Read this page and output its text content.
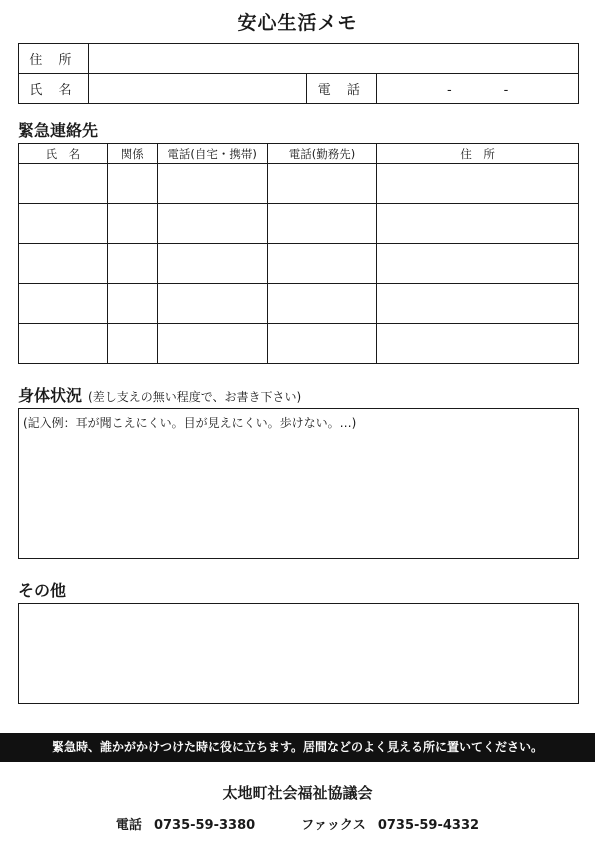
安心生活メモ
住 所			
氏 名		電 話	-　　　　-
緊急連絡先
氏　名	関係	電話(自宅・携帯)	電話(勤務先)	住　所

身体状況 (差し支えの無い程度で、お書き下さい)
(記入例：耳が聞こえにくい。目が見えにくい。歩けない。…)
その他
緊急時、誰かがかけつけた時に役に立ちます。居間などのよく見える所に置いてください。
太地町社会福祉協議会
電話 0735-59-3380	ファックス 0735-59-4332
